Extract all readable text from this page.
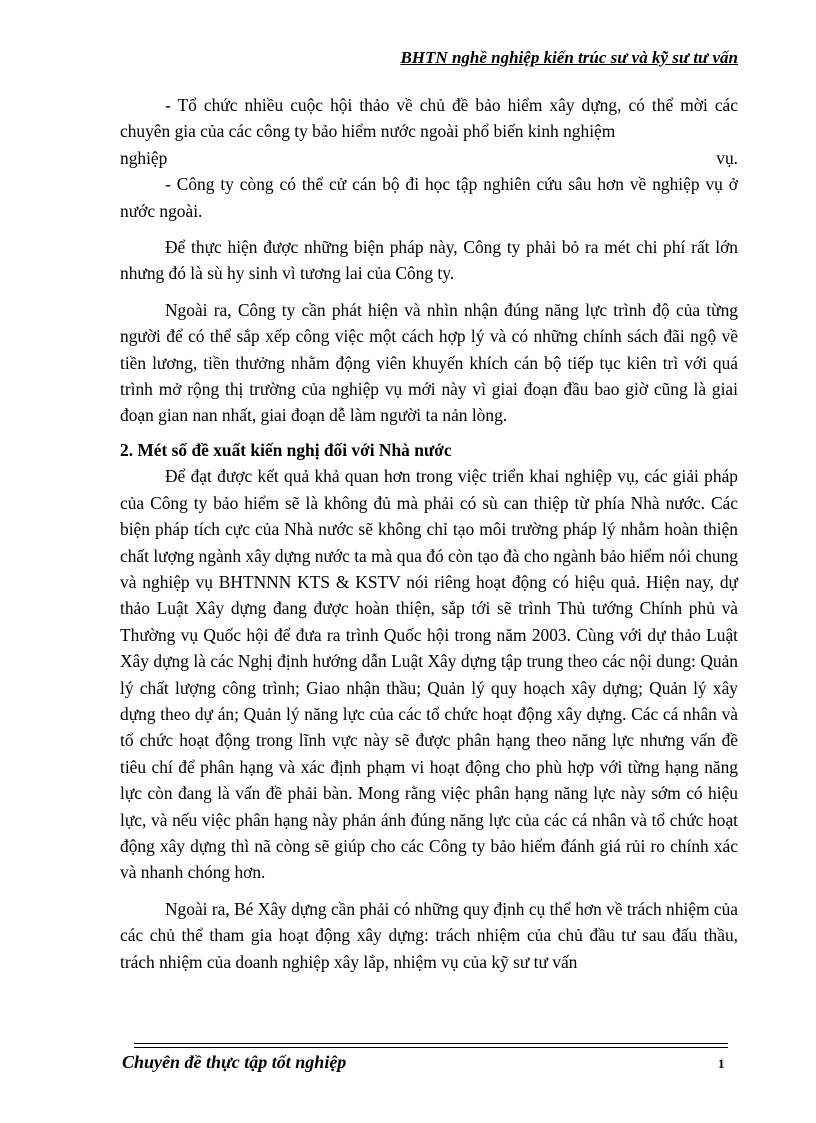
BHTN nghề nghiệp kiến trúc sư và kỹ sư tư vấn

- Tổ chức nhiều cuộc hội thảo về chủ đề bảo hiểm xây dựng, có thể mời các chuyên gia của các công ty bảo hiểm nước ngoài phổ biến kinh nghiệm

nghiệp	vụ.

- Công ty còng có thể cử cán bộ đi học tập nghiên cứu sâu hơn về nghiệp vụ ở nước ngoài.

Để thực hiện được những biện pháp này, Công ty phải bỏ ra mét chi phí rất lớn nhưng đó là sù hy sinh vì tương lai của Công ty.

Ngoài ra, Công ty cần phát hiện và nhìn nhận đúng năng lực trình độ của từng người để có thể sắp xếp công việc một cách hợp lý và có những chính sách đãi ngộ về tiền lương, tiền thưởng nhằm động viên khuyến khích cán bộ tiếp tục kiên trì với quá trình mở rộng thị trường của nghiệp vụ mới này vì giai đoạn đầu bao giờ cũng là giai đoạn gian nan nhất, giai đoạn dễ làm người ta nản lòng.

2. Mét số đề xuất kiến nghị đối với Nhà nước

Để đạt được kết quả khả quan hơn trong việc triển khai nghiệp vụ, các giải pháp của Công ty bảo hiểm sẽ là không đủ mà phải có sù can thiệp từ phía Nhà nước. Các biện pháp tích cực của Nhà nước sẽ không chỉ tạo môi trường pháp lý nhằm hoàn thiện chất lượng ngành xây dựng nước ta mà qua đó còn tạo đà cho ngành bảo hiểm nói chung và nghiệp vụ BHTNNN KTS & KSTV nói riêng hoạt động có hiệu quả. Hiện nay, dự thảo Luật Xây dựng đang được hoàn thiện, sắp tới sẽ trình Thủ tướng Chính phủ và Thường vụ Quốc hội để đưa ra trình Quốc hội trong năm 2003. Cùng với dự thảo Luật Xây dựng là các Nghị định hướng dẫn Luật Xây dựng tập trung theo các nội dung: Quản lý chất lượng công trình; Giao nhận thầu; Quản lý quy hoạch xây dựng; Quản lý xây dựng theo dự án; Quản lý năng lực của các tổ chức hoạt động xây dựng. Các cá nhân và tổ chức hoạt động trong lĩnh vực này sẽ được phân hạng theo năng lực nhưng vấn đề tiêu chí để phân hạng và xác định phạm vi hoạt động cho phù hợp với từng hạng năng lực còn đang là vấn đề phải bàn. Mong rằng việc phân hạng năng lực này sớm có hiệu lực, và nếu việc phân hạng này phản ánh đúng năng lực của các cá nhân và tổ chức hoạt động xây dựng thì nã còng sẽ giúp cho các Công ty bảo hiểm đánh giá rủi ro chính xác và nhanh chóng hơn.

Ngoài ra, Bé Xây dựng cần phải có những quy định cụ thể hơn về trách nhiệm của các chủ thể tham gia hoạt động xây dựng: trách nhiệm của chủ đầu tư sau đấu thầu, trách nhiệm của doanh nghiệp xây lắp, nhiệm vụ của kỹ sư tư vấn

Chuyên đề thực tập tốt nghiệp	1
